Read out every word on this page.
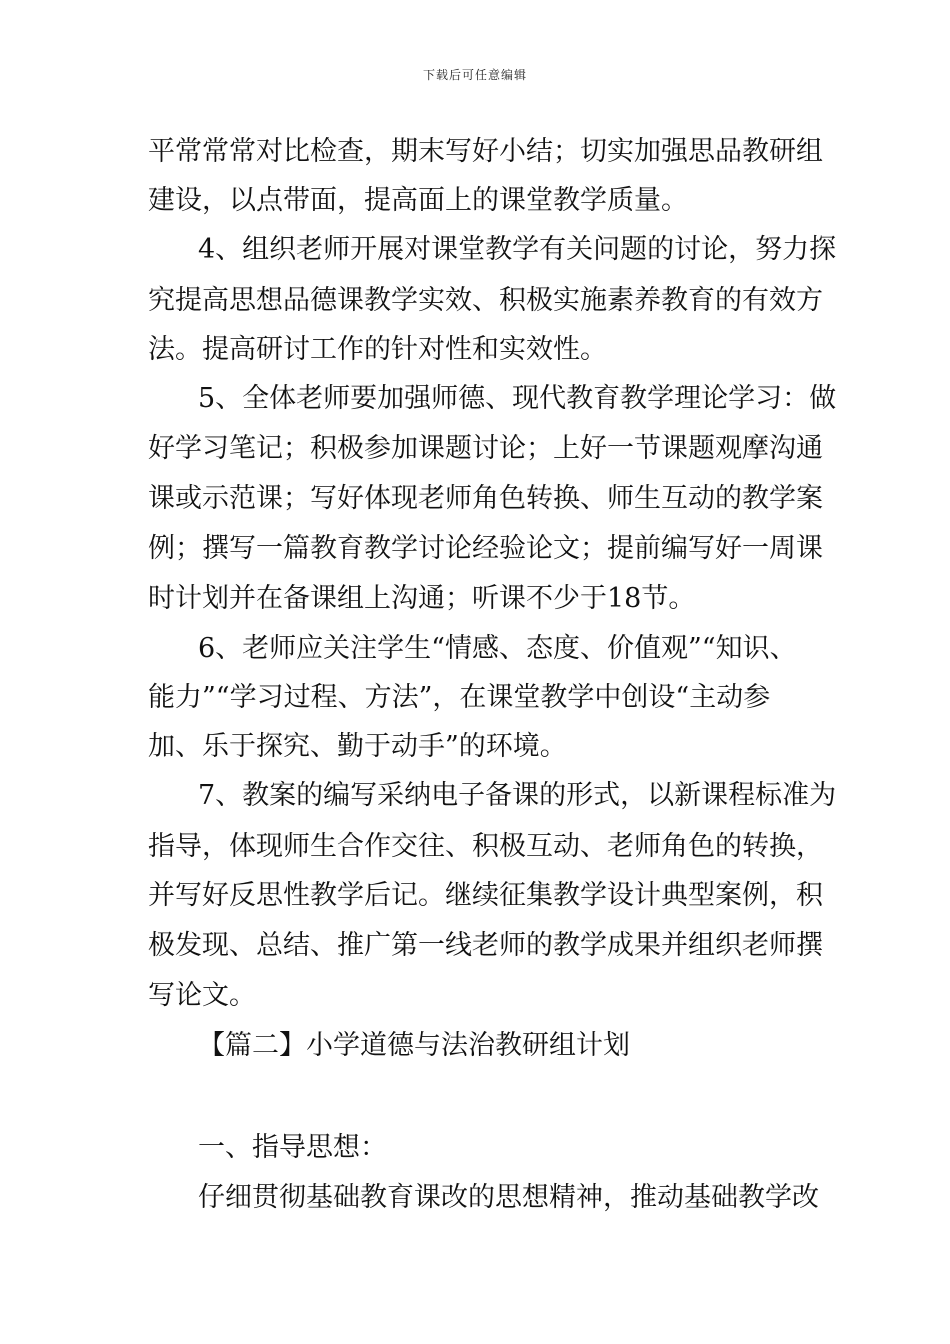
下载后可任意编辑
平常常常对比检查，期末写好小结；切实加强思品教研组
建设，以点带面，提高面上的课堂教学质量。
4、组织老师开展对课堂教学有关问题的讨论，努力探
究提高思想品德课教学实效、积极实施素养教育的有效方
法。提高研讨工作的针对性和实效性。
5、全体老师要加强师德、现代教育教学理论学习：做
好学习笔记；积极参加课题讨论；上好一节课题观摩沟通
课或示范课；写好体现老师角色转换、师生互动的教学案
例；撰写一篇教育教学讨论经验论文；提前编写好一周课
时计划并在备课组上沟通；听课不少于18节。
6、老师应关注学生“情感、态度、价值观”“知识、
能力”“学习过程、方法”，在课堂教学中创设“主动参
加、乐于探究、勤于动手”的环境。
7、教案的编写采纳电子备课的形式，以新课程标准为
指导，体现师生合作交往、积极互动、老师角色的转换，
并写好反思性教学后记。继续征集教学设计典型案例，积
极发现、总结、推广第一线老师的教学成果并组织老师撰
写论文。
【篇二】小学道德与法治教研组计划
一、指导思想：
仔细贯彻基础教育课改的思想精神，推动基础教学改
